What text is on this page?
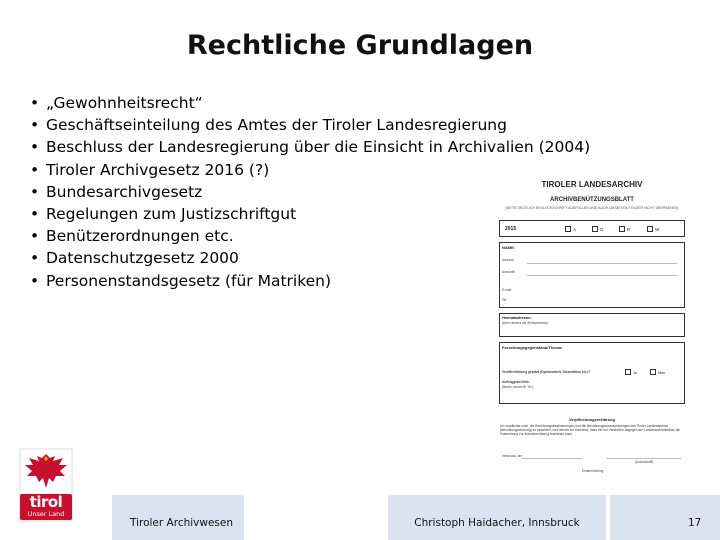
Rechtliche Grundlagen
• „Gewohnheitsrecht“
• Geschäftseinteilung des Amtes der Tiroler Landesregierung
• Beschluss der Landesregierung über die Einsicht in Archivalien (2004)
• Tiroler Archivgesetz 2016 (?)
• Bundesarchivgesetz
• Regelungen zum Justizschriftgut
• Benützerordnungen etc.
• Datenschutzgesetz 2000
• Personenstandsgesetz (für Matriken)
TIROLER LANDESARCHIV
ARCHIVBENÜTZUNGSBLATT
(BITTE DEUTLICH IN BLOCKSCHRIFT AUSFÜLLEN UND AUCH UMSEITIGE FELDER NICHT ÜBERSEHEN)
2015	A	G	R	W
NAME:
Adresse:
Anschrift:
E-mail:
Tel.:
Heimatadresse:
(wenn anders als Wohnadresse)
Forschungsgegenstand/Thema:
Veröffentlichung geplant (Diplomarbeit, Dissertation etc.)?	Ja	Nein
Auftraggeber/Info:
(Name, Anschrift, Tel.)
Verpflichtungserklärung
Ich verpflichte mich, die Benützungsbestimmungen und die Benützungsvoraussetzungen des Tiroler Landesarchivs (Benützungsordnung) zu beachten, und nehme zur Kenntnis, dass mir bei Verstößen dagegen der Landesarchivdirektor die Zustimmung zur Archivbenützung entziehen kann.
Innsbruck, am
(Unterschrift)
Erstanmeldung
tirol
Unser Land
Tiroler Archivwesen	Christoph Haidacher, Innsbruck	17
